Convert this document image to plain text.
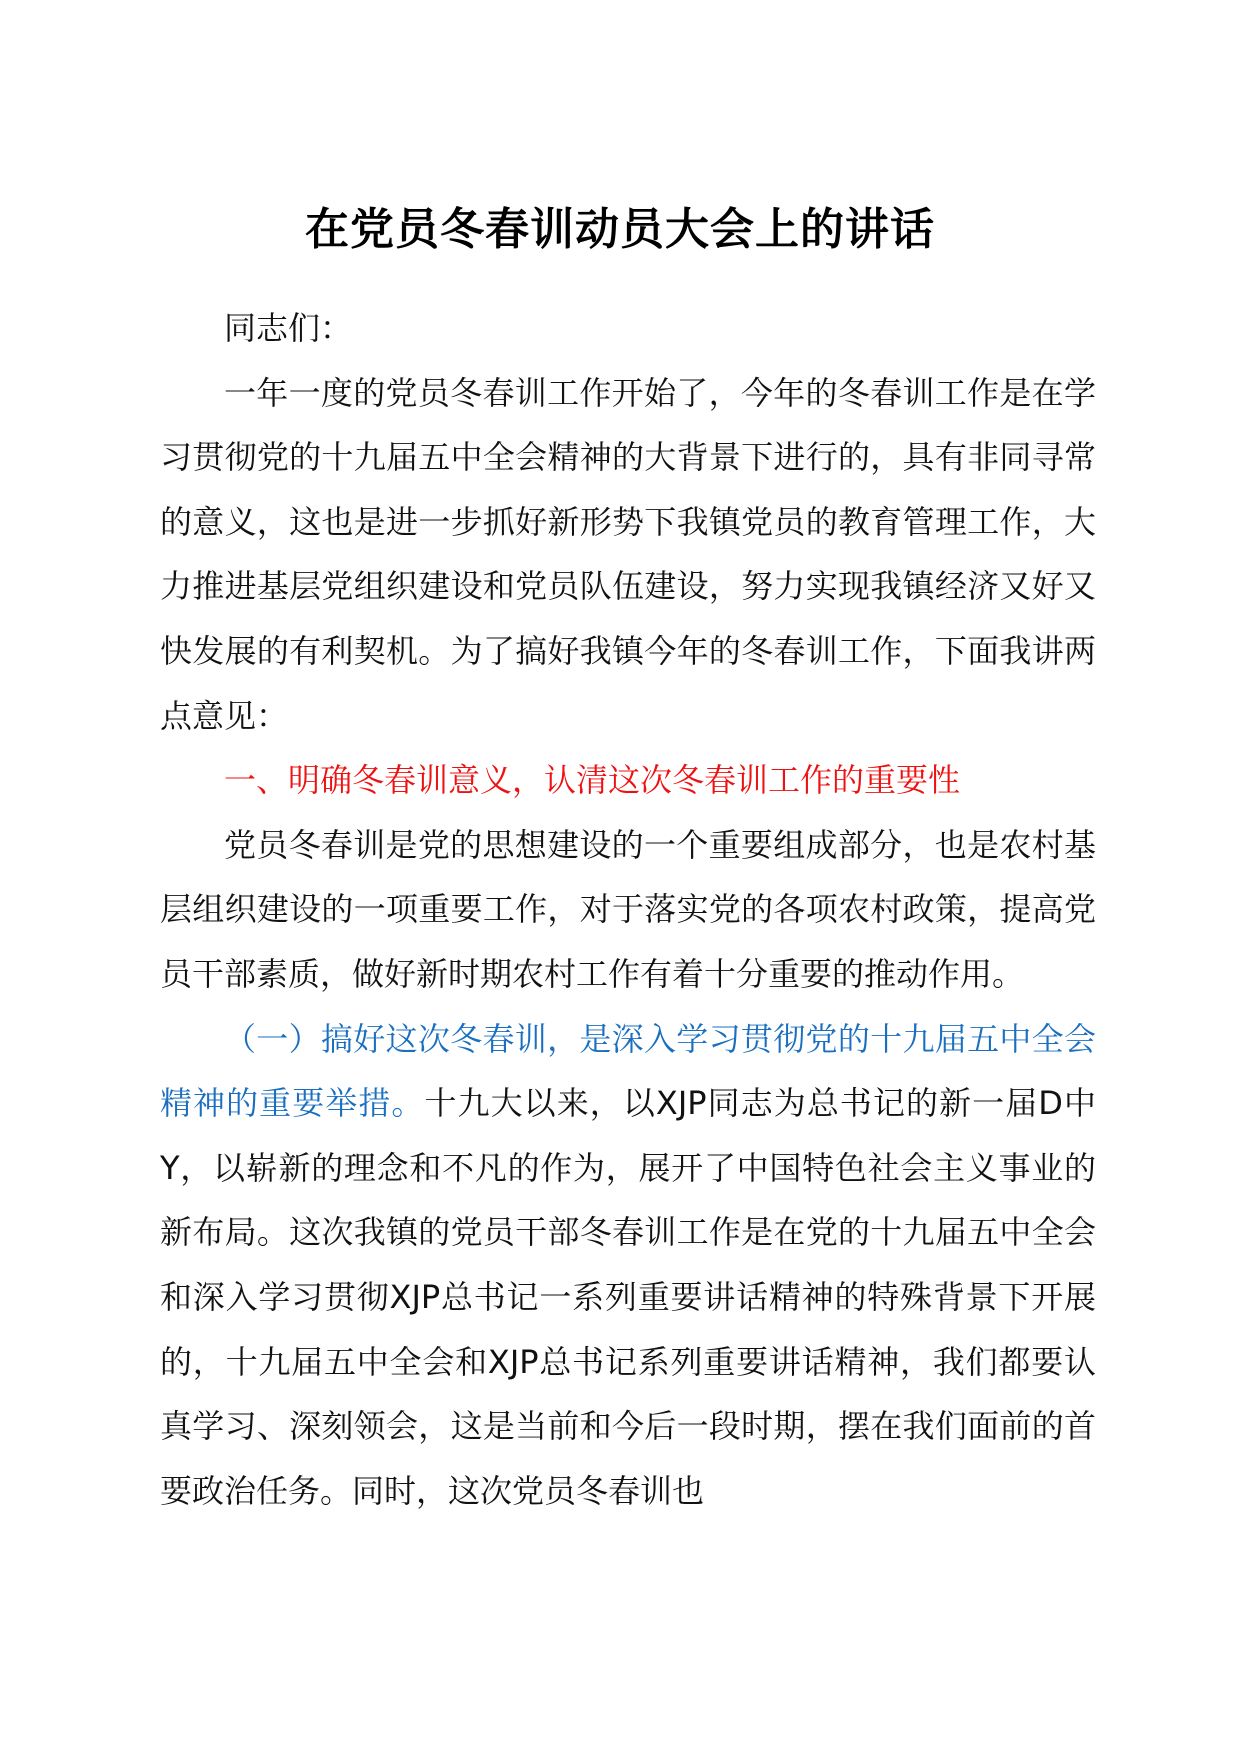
在党员冬春训动员大会上的讲话

同志们：

一年一度的党员冬春训工作开始了，今年的冬春训工作是在学习贯彻党的十九届五中全会精神的大背景下进行的，具有非同寻常的意义，这也是进一步抓好新形势下我镇党员的教育管理工作，大力推进基层党组织建设和党员队伍建设，努力实现我镇经济又好又快发展的有利契机。为了搞好我镇今年的冬春训工作，下面我讲两点意见：

一、明确冬春训意义，认清这次冬春训工作的重要性

党员冬春训是党的思想建设的一个重要组成部分，也是农村基层组织建设的一项重要工作，对于落实党的各项农村政策，提高党员干部素质，做好新时期农村工作有着十分重要的推动作用。

（一）搞好这次冬春训，是深入学习贯彻党的十九届五中全会精神的重要举措。十九大以来，以XJP同志为总书记的新一届D中Y，以崭新的理念和不凡的作为，展开了中国特色社会主义事业的新布局。这次我镇的党员干部冬春训工作是在党的十九届五中全会和深入学习贯彻XJP总书记一系列重要讲话精神的特殊背景下开展的，十九届五中全会和XJP总书记系列重要讲话精神，我们都要认真学习、深刻领会，这是当前和今后一段时期，摆在我们面前的首要政治任务。同时，这次党员冬春训也
